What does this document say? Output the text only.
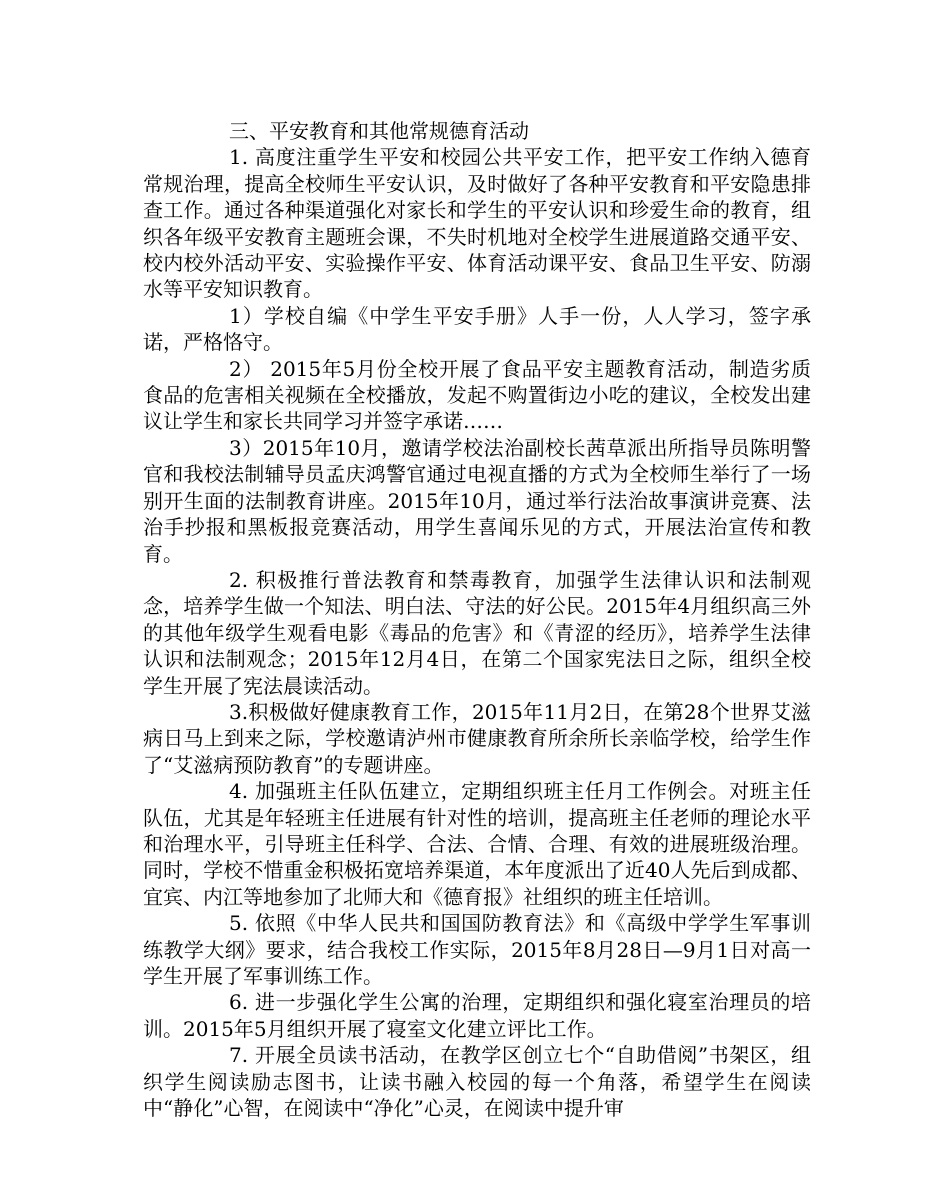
三、平安教育和其他常规德育活动

1. 高度注重学生平安和校园公共平安工作，把平安工作纳入德育常规治理，提高全校师生平安认识，及时做好了各种平安教育和平安隐患排查工作。通过各种渠道强化对家长和学生的平安认识和珍爱生命的教育，组织各年级平安教育主题班会课，不失时机地对全校学生进展道路交通平安、校内校外活动平安、实验操作平安、体育活动课平安、食品卫生平安、防溺水等平安知识教育。

1）学校自编《中学生平安手册》人手一份，人人学习，签字承诺，严格恪守。

2） 2015年5月份全校开展了食品平安主题教育活动，制造劣质食品的危害相关视频在全校播放，发起不购置街边小吃的建议，全校发出建议让学生和家长共同学习并签字承诺……

3）2015年10月，邀请学校法治副校长茜草派出所指导员陈明警官和我校法制辅导员孟庆鸿警官通过电视直播的方式为全校师生举行了一场别开生面的法制教育讲座。2015年10月，通过举行法治故事演讲竞赛、法治手抄报和黑板报竞赛活动，用学生喜闻乐见的方式，开展法治宣传和教育。

2. 积极推行普法教育和禁毒教育，加强学生法律认识和法制观念，培养学生做一个知法、明白法、守法的好公民。2015年4月组织高三外的其他年级学生观看电影《毒品的危害》和《青涩的经历》，培养学生法律认识和法制观念；2015年12月4日，在第二个国家宪法日之际，组织全校学生开展了宪法晨读活动。

3.积极做好健康教育工作，2015年11月2日，在第28个世界艾滋病日马上到来之际，学校邀请泸州市健康教育所余所长亲临学校，给学生作了“艾滋病预防教育”的专题讲座。

4. 加强班主任队伍建立，定期组织班主任月工作例会。对班主任队伍，尤其是年轻班主任进展有针对性的培训，提高班主任老师的理论水平和治理水平，引导班主任科学、合法、合情、合理、有效的进展班级治理。同时，学校不惜重金积极拓宽培养渠道，本年度派出了近40人先后到成都、宜宾、内江等地参加了北师大和《德育报》社组织的班主任培训。

5. 依照《中华人民共和国国防教育法》和《高级中学学生军事训练教学大纲》要求，结合我校工作实际，2015年8月28日—9月1日对高一学生开展了军事训练工作。

6. 进一步强化学生公寓的治理，定期组织和强化寝室治理员的培训。2015年5月组织开展了寝室文化建立评比工作。

7. 开展全员读书活动，在教学区创立七个“自助借阅”书架区，组织学生阅读励志图书，让读书融入校园的每一个角落，希望学生在阅读中“静化”心智，在阅读中“净化”心灵，在阅读中提升审
